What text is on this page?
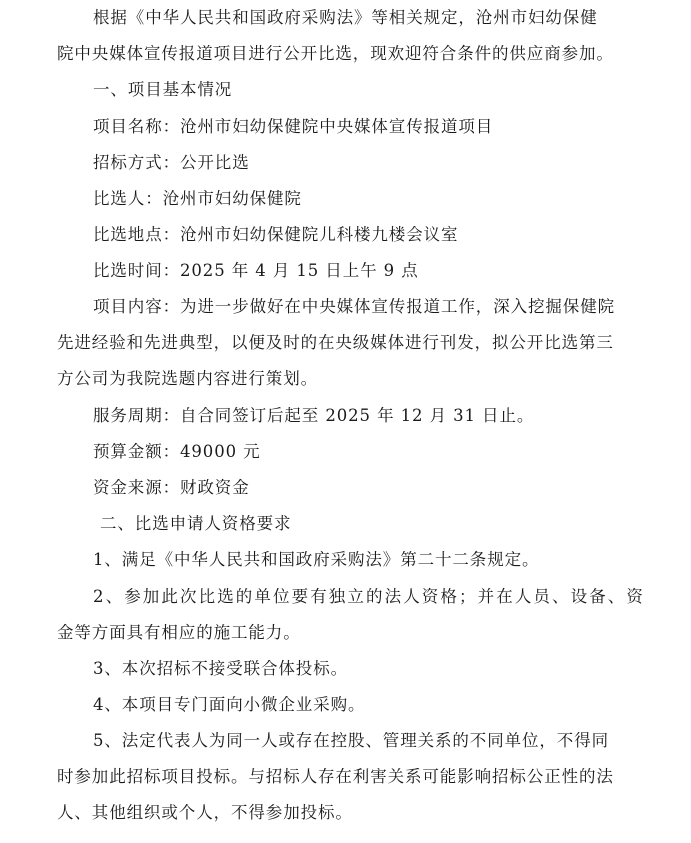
根据《中华人民共和国政府采购法》等相关规定，沧州市妇幼保健

院中央媒体宣传报道项目进行公开比选，现欢迎符合条件的供应商参加。

一、项目基本情况

项目名称：沧州市妇幼保健院中央媒体宣传报道项目

招标方式：公开比选

比选人：沧州市妇幼保健院

比选地点：沧州市妇幼保健院儿科楼九楼会议室

比选时间：2025 年 4 月 15 日上午 9 点

项目内容：为进一步做好在中央媒体宣传报道工作，深入挖掘保健院

先进经验和先进典型，以便及时的在央级媒体进行刊发，拟公开比选第三

方公司为我院选题内容进行策划。

服务周期：自合同签订后起至 2025 年 12 月 31 日止。

预算金额：49000 元

资金来源：财政资金

二、比选申请人资格要求

1、满足《中华人民共和国政府采购法》第二十二条规定。

2、参加此次比选的单位要有独立的法人资格；并在人员、设备、资

金等方面具有相应的施工能力。

3、本次招标不接受联合体投标。

4、本项目专门面向小微企业采购。

5、法定代表人为同一人或存在控股、管理关系的不同单位，不得同

时参加此招标项目投标。与招标人存在利害关系可能影响招标公正性的法

人、其他组织或个人，不得参加投标。
